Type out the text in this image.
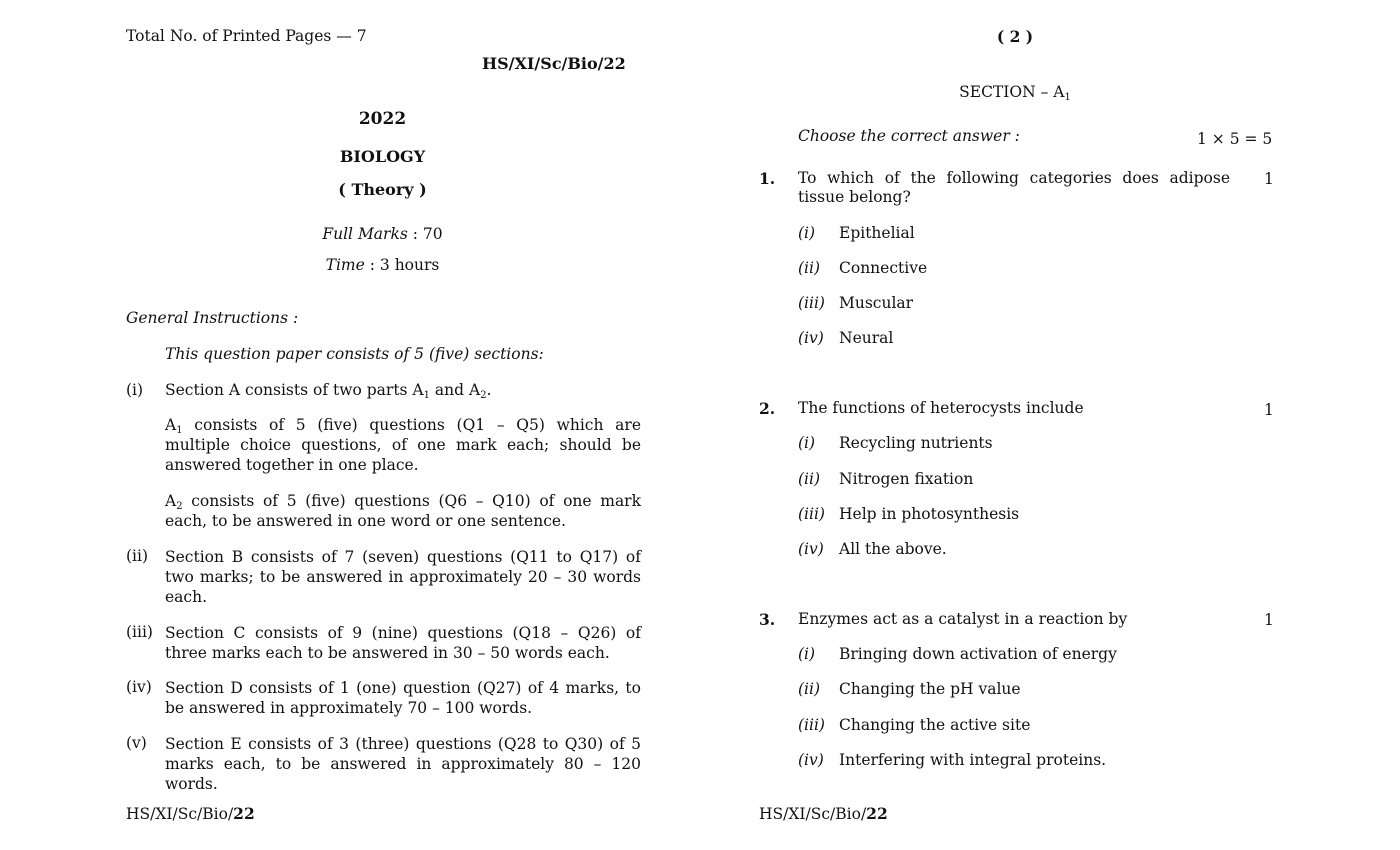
Total No. of Printed Pages — 7
HS/XI/Sc/Bio/22
2022
BIOLOGY
( Theory )
Full Marks : 70
Time : 3 hours
General Instructions :
This question paper consists of 5 (five) sections:
(i) Section A consists of two parts $A_1$ and $A_2$.
$A_1$ consists of 5 (five) questions (Q1 – Q5) which are multiple choice questions, of one mark each; should be answered together in one place.
$A_2$ consists of 5 (five) questions (Q6 – Q10) of one mark each, to be answered in one word or one sentence.
(ii) Section B consists of 7 (seven) questions (Q11 to Q17) of two marks; to be answered in approximately 20 – 30 words each.
(iii) Section C consists of 9 (nine) questions (Q18 – Q26) of three marks each to be answered in 30 – 50 words each.
(iv) Section D consists of 1 (one) question (Q27) of 4 marks, to be answered in approximately 70 – 100 words.
(v) Section E consists of 3 (three) questions (Q28 to Q30) of 5 marks each, to be answered in approximately 80 – 120 words.
HS/XI/Sc/Bio/22
( 2 )
SECTION – $A_1$
Choose the correct answer :	1 × 5 = 5
1. To which of the following categories does adipose tissue belong?
1
(i) Epithelial
(ii) Connective
(iii) Muscular
(iv) Neural
2. The functions of heterocysts include	1
(i) Recycling nutrients
(ii) Nitrogen fixation
(iii) Help in photosynthesis
(iv) All the above.
3. Enzymes act as a catalyst in a reaction by	1
(i) Bringing down activation of energy
(ii) Changing the pH value
(iii) Changing the active site
(iv) Interfering with integral proteins.
HS/XI/Sc/Bio/22
